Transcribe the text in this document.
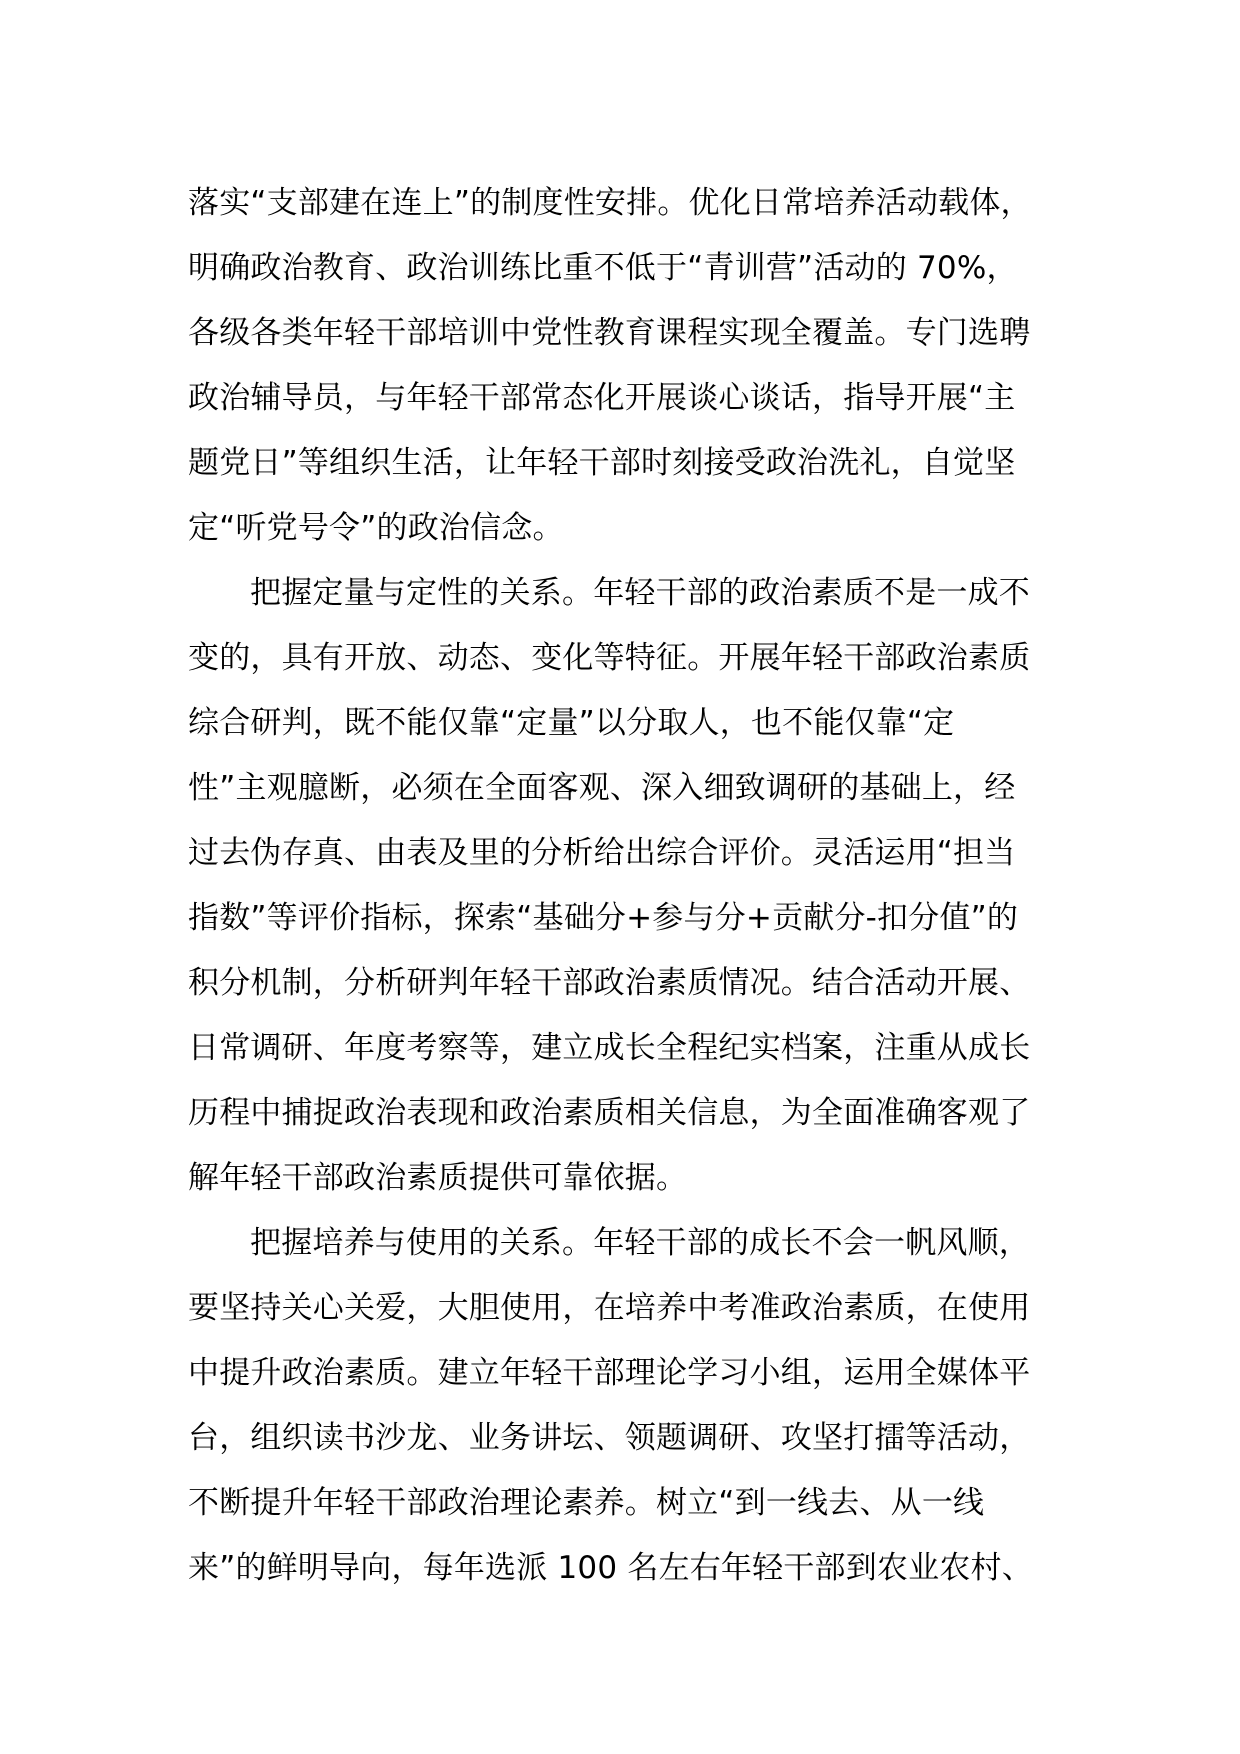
落实“支部建在连上”的制度性安排。优化日常培养活动载体，
明确政治教育、政治训练比重不低于“青训营”活动的 70%，
各级各类年轻干部培训中党性教育课程实现全覆盖。专门选聘
政治辅导员，与年轻干部常态化开展谈心谈话，指导开展“主
题党日”等组织生活，让年轻干部时刻接受政治洗礼，自觉坚
定“听党号令”的政治信念。
把握定量与定性的关系。年轻干部的政治素质不是一成不
变的，具有开放、动态、变化等特征。开展年轻干部政治素质
综合研判，既不能仅靠“定量”以分取人，也不能仅靠“定
性”主观臆断，必须在全面客观、深入细致调研的基础上，经
过去伪存真、由表及里的分析给出综合评价。灵活运用“担当
指数”等评价指标，探索“基础分+参与分+贡献分-扣分值”的
积分机制，分析研判年轻干部政治素质情况。结合活动开展、
日常调研、年度考察等，建立成长全程纪实档案，注重从成长
历程中捕捉政治表现和政治素质相关信息，为全面准确客观了
解年轻干部政治素质提供可靠依据。
把握培养与使用的关系。年轻干部的成长不会一帆风顺，
要坚持关心关爱，大胆使用，在培养中考准政治素质，在使用
中提升政治素质。建立年轻干部理论学习小组，运用全媒体平
台，组织读书沙龙、业务讲坛、领题调研、攻坚打擂等活动，
不断提升年轻干部政治理论素养。树立“到一线去、从一线
来”的鲜明导向，每年选派 100 名左右年轻干部到农业农村、
